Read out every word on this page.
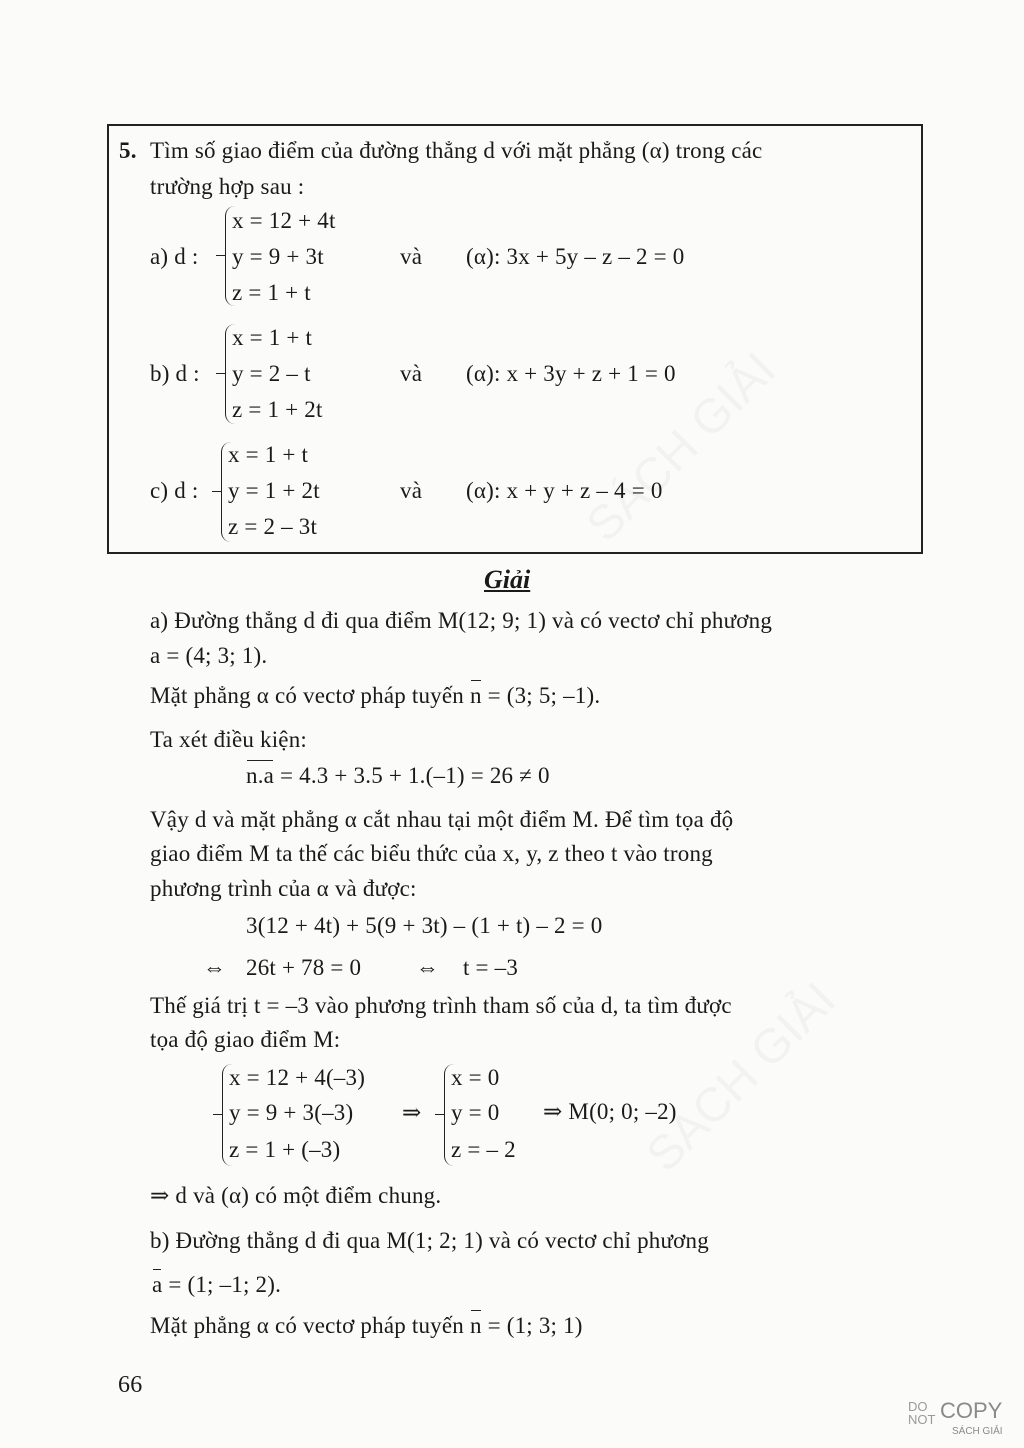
5. Tìm số giao điểm của đường thẳng d với mặt phẳng (α) trong các
trường hợp sau :
a) d :
x = 12 + 4t
y = 9 + 3t
z = 1 + t
và (α): 3x + 5y – z – 2 = 0
b) d :
x = 1 + t
y = 2 – t
z = 1 + 2t
và (α): x + 3y + z + 1 = 0
c) d :
x = 1 + t
y = 1 + 2t
z = 2 – 3t
và (α): x + y + z – 4 = 0
Giải
a) Đường thẳng d đi qua điểm M(12; 9; 1) và có vectơ chỉ phương
a = (4; 3; 1).
Mặt phẳng α có vectơ pháp tuyến n = (3; 5; –1).
Ta xét điều kiện:
n.a = 4.3 + 3.5 + 1.(–1) = 26 ≠ 0
Vậy d và mặt phẳng α cắt nhau tại một điểm M. Để tìm tọa độ
giao điểm M ta thế các biểu thức của x, y, z theo t vào trong
phương trình của α và được:
3(12 + 4t) + 5(9 + 3t) – (1 + t) – 2 = 0
⇔ 26t + 78 = 0 ⇔ t = –3
Thế giá trị t = –3 vào phương trình tham số của d, ta tìm được
tọa độ giao điểm M:
x = 12 + 4(–3)
y = 9 + 3(–3)
z = 1 + (–3)
⇒
x = 0
y = 0
z = – 2
⇒ M(0; 0; –2)
⇒ d và (α) có một điểm chung.
b) Đường thẳng d đi qua M(1; 2; 1) và có vectơ chỉ phương
a = (1; –1; 2).
Mặt phẳng α có vectơ pháp tuyến n = (1; 3; 1)
66
DO
NOT COPY
SÁCH GIẢI
